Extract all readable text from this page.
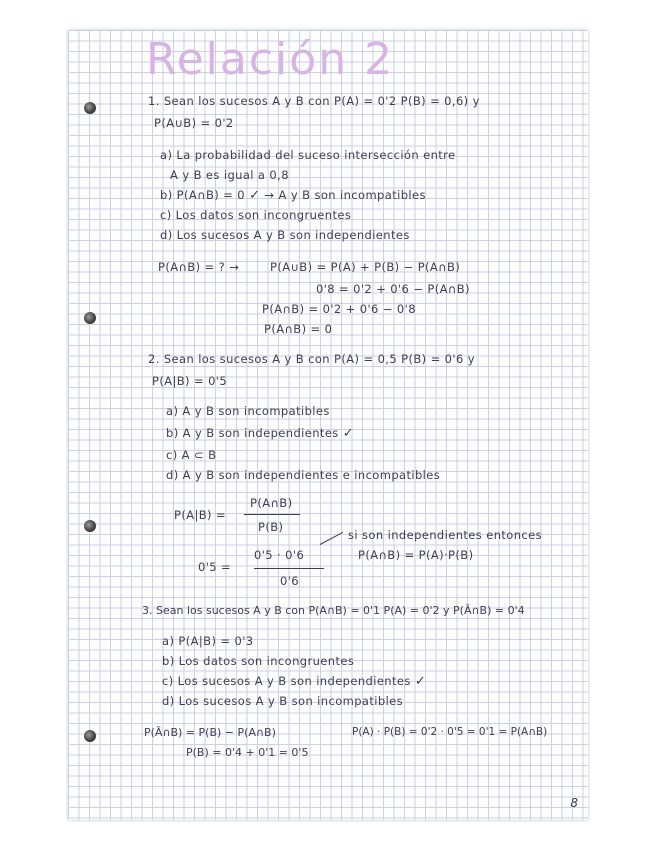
Relación 2
1. Sean los sucesos A y B con P(A) = 0'2 P(B) = 0,6) y
P(A∪B) = 0'2
a) La probabilidad del suceso intersección entre
A y B es igual a 0,8
b) P(A∩B) = 0 ✓ → A y B son incompatibles
c) Los datos son incongruentes
d) Los sucesos A y B son independientes
P(A∩B) = ? →	P(A∪B) = P(A) + P(B) − P(A∩B)
0'8 = 0'2 + 0'6 − P(A∩B)
P(A∩B) = 0'2 + 0'6 − 0'8
P(A∩B) = 0
2. Sean los sucesos A y B con P(A) = 0,5 P(B) = 0'6 y
P(A|B) = 0'5
a) A y B son incompatibles
b) A y B son independientes ✓
c) A ⊂ B
d) A y B son independientes e incompatibles
P(A|B) =
P(A∩B)
P(B)
si son independientes entonces
P(A∩B) = P(A)·P(B)
0'5 =
0'5 · 0'6
0'6
3. Sean los sucesos A y B con P(A∩B) = 0'1 P(A) = 0'2 y P(Ā∩B) = 0'4
a) P(A|B) = 0'3
b) Los datos son incongruentes
c) Los sucesos A y B son independientes ✓
d) Los sucesos A y B son incompatibles
P(Ā∩B) = P(B) − P(A∩B)
P(B) = 0'4 + 0'1 = 0'5
P(A) · P(B) = 0'2 · 0'5 = 0'1 = P(A∩B)
8
